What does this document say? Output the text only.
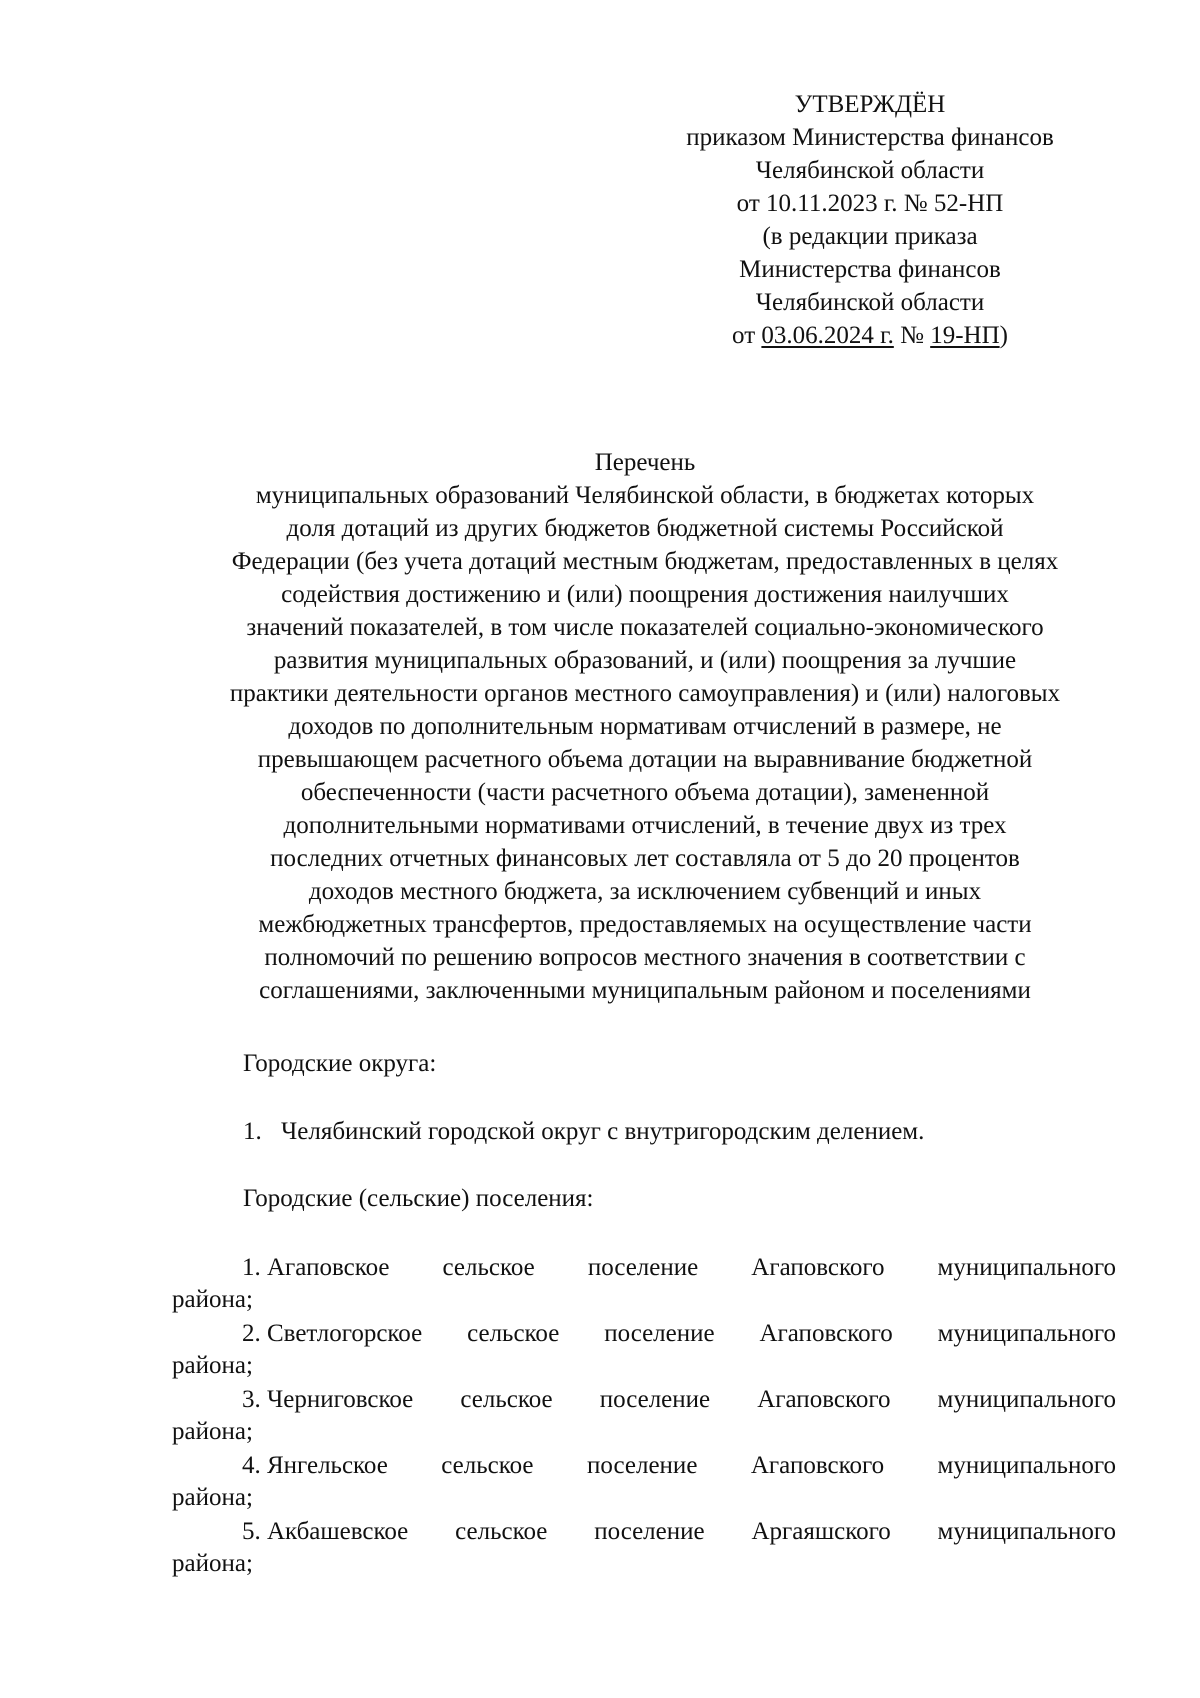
УТВЕРЖДЁН
приказом Министерства финансов
Челябинской области
от 10.11.2023 г. № 52-НП
(в редакции приказа
Министерства финансов
Челябинской области
от 03.06.2024 г. № 19-НП)
Перечень
муниципальных образований Челябинской области, в бюджетах которых
доля дотаций из других бюджетов бюджетной системы Российской
Федерации (без учета дотаций местным бюджетам, предоставленных в целях
содействия достижению и (или) поощрения достижения наилучших
значений показателей, в том числе показателей социально-экономического
развития муниципальных образований, и (или) поощрения за лучшие
практики деятельности органов местного самоуправления) и (или) налоговых
доходов по дополнительным нормативам отчислений в размере, не
превышающем расчетного объема дотации на выравнивание бюджетной
обеспеченности (части расчетного объема дотации), замененной
дополнительными нормативами отчислений, в течение двух из трех
последних отчетных финансовых лет составляла от 5 до 20 процентов
доходов местного бюджета, за исключением субвенций и иных
межбюджетных трансфертов, предоставляемых на осуществление части
полномочий по решению вопросов местного значения в соответствии с
соглашениями, заключенными муниципальным районом и поселениями
Городские округа:
1. Челябинский городской округ с внутригородским делением.
Городские (сельские) поселения:
1. Агаповское сельское поселение Агаповского муниципального
района;
2. Светлогорское сельское поселение Агаповского муниципального
района;
3. Черниговское сельское поселение Агаповского муниципального
района;
4. Янгельское сельское поселение Агаповского муниципального
района;
5. Акбашевское сельское поселение Аргаяшского муниципального
района;
